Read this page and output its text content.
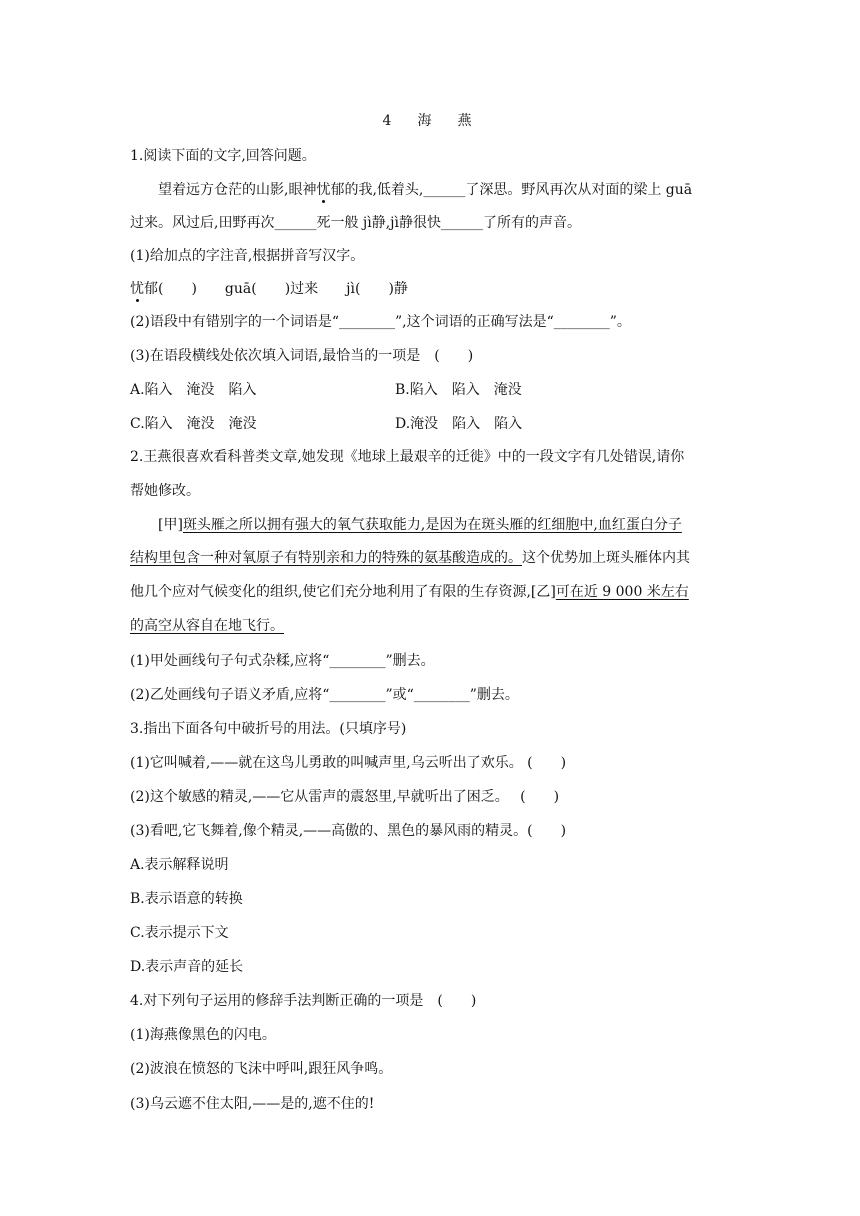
4　海　燕
1.阅读下面的文字,回答问题。
望着远方仓茫的山影,眼神忧郁的我,低着头,______了深思。野风再次从对面的梁上 guā
过来。风过后,田野再次______死一般 jì静,jì静很快______了所有的声音。
(1)给加点的字注音,根据拼音写汉字。
忧郁(　　)　　guā(　　)过来　　jì(　　)静
(2)语段中有错别字的一个词语是“________”,这个词语的正确写法是“________”。
(3)在语段横线处依次填入词语,最恰当的一项是　(　　)
A.陷入　淹没　陷入	B.陷入　陷入　淹没
C.陷入　淹没　淹没	D.淹没　陷入　陷入
2.王燕很喜欢看科普类文章,她发现《地球上最艰辛的迁徙》中的一段文字有几处错误,请你
帮她修改。
[甲]斑头雁之所以拥有强大的氧气获取能力,是因为在斑头雁的红细胞中,血红蛋白分子
结构里包含一种对氧原子有特别亲和力的特殊的氨基酸造成的。这个优势加上斑头雁体内其
他几个应对气候变化的组织,使它们充分地利用了有限的生存资源,[乙]可在近 9 000 米左右
的高空从容自在地飞行。
(1)甲处画线句子句式杂糅,应将“________”删去。
(2)乙处画线句子语义矛盾,应将“________”或“________”删去。
3.指出下面各句中破折号的用法。(只填序号)
(1)它叫喊着,——就在这鸟儿勇敢的叫喊声里,乌云听出了欢乐。 (　　)
(2)这个敏感的精灵,——它从雷声的震怒里,早就听出了困乏。　 (　　)
(3)看吧,它飞舞着,像个精灵,——高傲的、黑色的暴风雨的精灵。(　　)
A.表示解释说明
B.表示语意的转换
C.表示提示下文
D.表示声音的延长
4.对下列句子运用的修辞手法判断正确的一项是　(　　)
(1)海燕像黑色的闪电。
(2)波浪在愤怒的飞沫中呼叫,跟狂风争鸣。
(3)乌云遮不住太阳,——是的,遮不住的!
